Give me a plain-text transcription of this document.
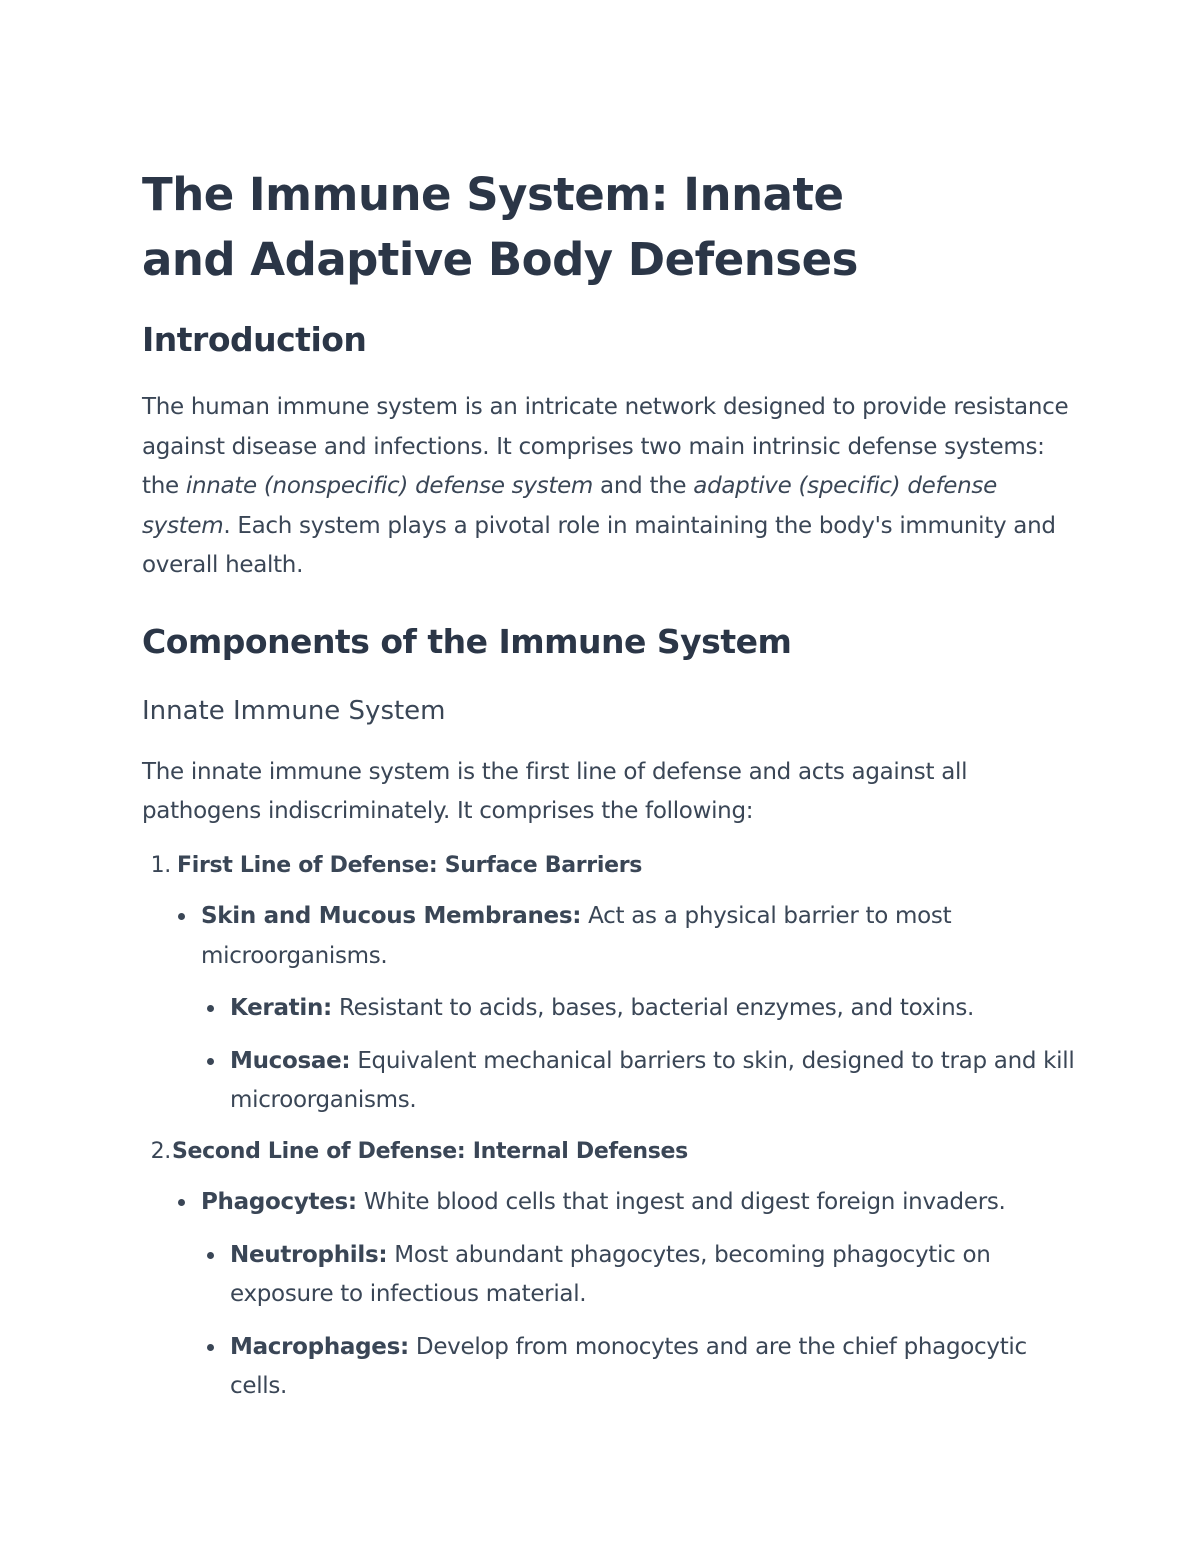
The Immune System: Innate and Adaptive Body Defenses
Introduction

The human immune system is an intricate network designed to provide resistance against disease and infections. It comprises two main intrinsic defense systems: the innate (nonspecific) defense system and the adaptive (specific) defense system. Each system plays a pivotal role in maintaining the body's immunity and overall health.

Components of the Immune System
Innate Immune System

The innate immune system is the first line of defense and acts against all pathogens indiscriminately. It comprises the following:

1. First Line of Defense: Surface Barriers
Skin and Mucous Membranes: Act as a physical barrier to most microorganisms.
Keratin: Resistant to acids, bases, bacterial enzymes, and toxins.
Mucosae: Equivalent mechanical barriers to skin, designed to trap and kill microorganisms.
2. Second Line of Defense: Internal Defenses
Phagocytes: White blood cells that ingest and digest foreign invaders.
Neutrophils: Most abundant phagocytes, becoming phagocytic on exposure to infectious material.
Macrophages: Develop from monocytes and are the chief phagocytic cells.
